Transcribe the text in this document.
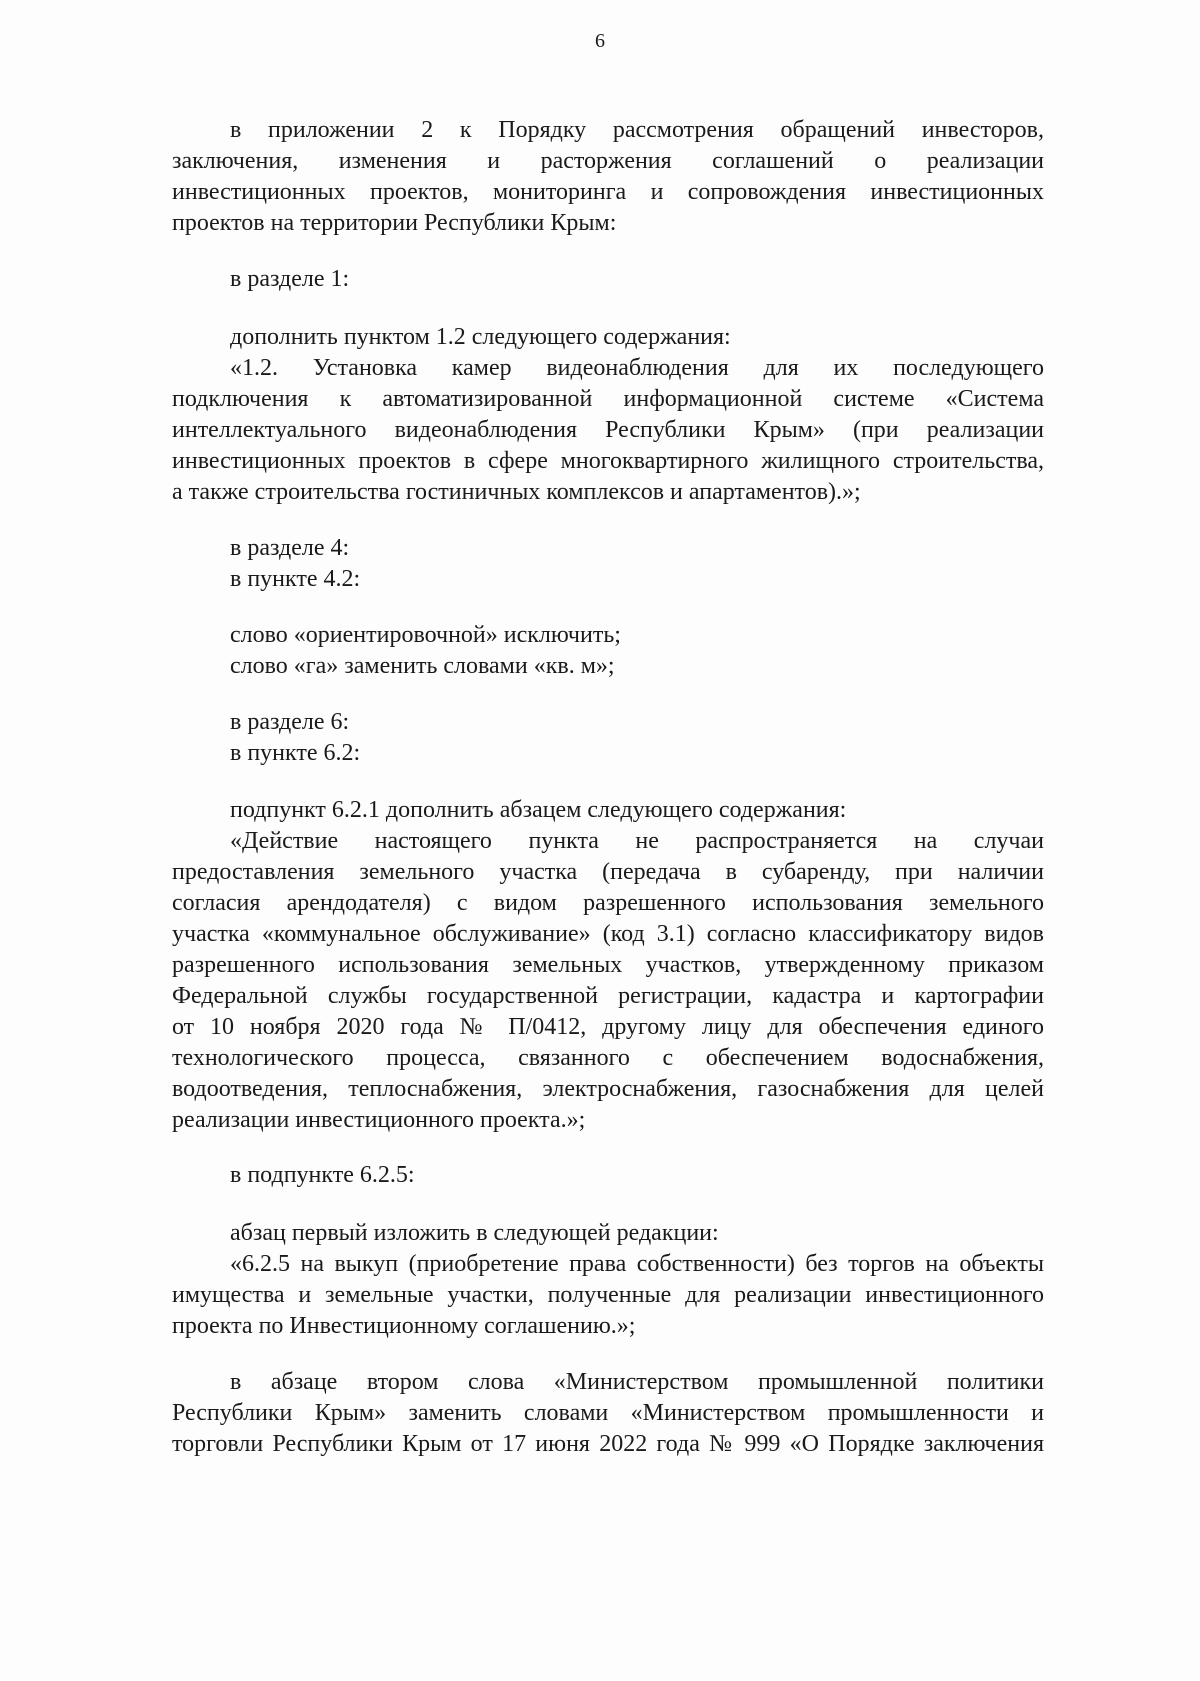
6
в приложении 2 к Порядку рассмотрения обращений инвесторов,
заключения, изменения и расторжения соглашений о реализации
инвестиционных проектов, мониторинга и сопровождения инвестиционных
проектов на территории Республики Крым:
в разделе 1:
дополнить пунктом 1.2 следующего содержания:
«1.2. Установка камер видеонаблюдения для их последующего
подключения к автоматизированной информационной системе «Система
интеллектуального видеонаблюдения Республики Крым» (при реализации
инвестиционных проектов в сфере многоквартирного жилищного строительства,
а также строительства гостиничных комплексов и апартаментов).»;
в разделе 4:
в пункте 4.2:
слово «ориентировочной» исключить;
слово «га» заменить словами «кв. м»;
в разделе 6:
в пункте 6.2:
подпункт 6.2.1 дополнить абзацем следующего содержания:
«Действие настоящего пункта не распространяется на случаи
предоставления земельного участка (передача в субаренду, при наличии
согласия арендодателя) с видом разрешенного использования земельного
участка «коммунальное обслуживание» (код 3.1) согласно классификатору видов
разрешенного использования земельных участков, утвержденному приказом
Федеральной службы государственной регистрации, кадастра и картографии
от 10 ноября 2020 года № П/0412, другому лицу для обеспечения единого
технологического процесса, связанного с обеспечением водоснабжения,
водоотведения, теплоснабжения, электроснабжения, газоснабжения для целей
реализации инвестиционного проекта.»;
в подпункте 6.2.5:
абзац первый изложить в следующей редакции:
«6.2.5 на выкуп (приобретение права собственности) без торгов на объекты
имущества и земельные участки, полученные для реализации инвестиционного
проекта по Инвестиционному соглашению.»;
в абзаце втором слова «Министерством промышленной политики
Республики Крым» заменить словами «Министерством промышленности и
торговли Республики Крым от 17 июня 2022 года № 999 «О Порядке заключения
